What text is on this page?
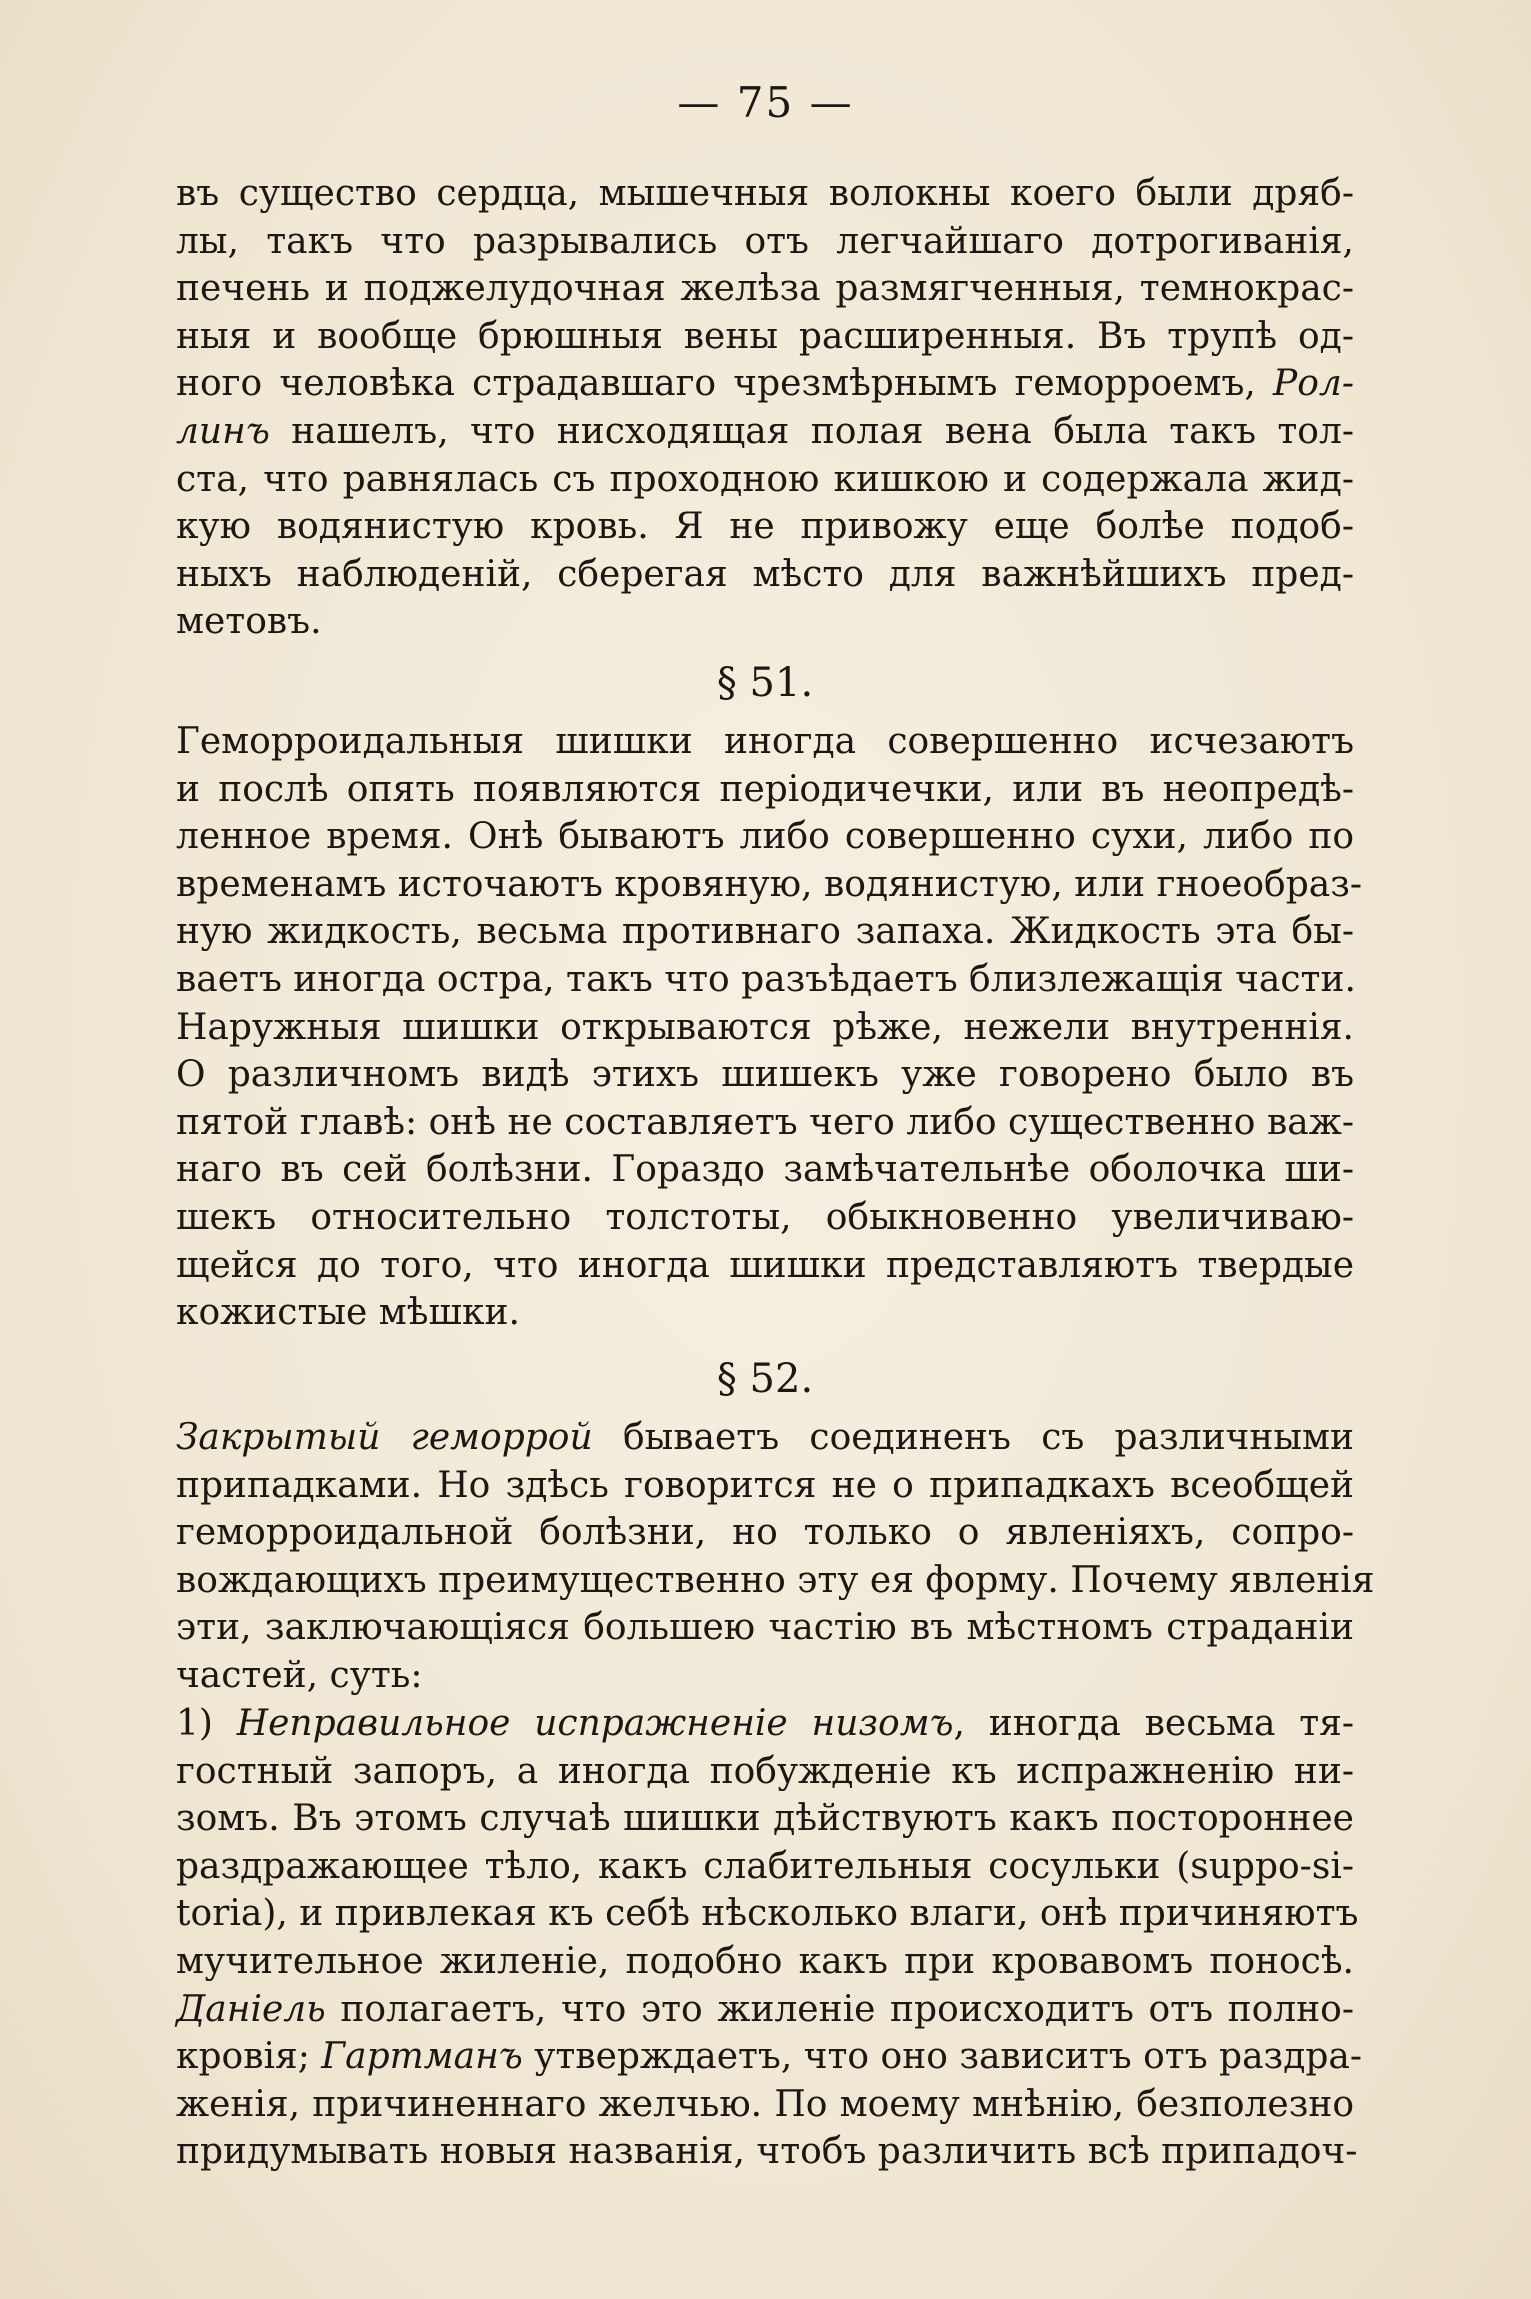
— 75 —
въ существо сердца, мышечныя волокны коего были дряб-
лы, такъ что разрывались отъ легчайшаго дотрогиванія,
печень и поджелудочная желѣза размягченныя, темнокрас-
ныя и вообще брюшныя вены расширенныя. Въ трупѣ од-
ного человѣка страдавшаго чрезмѣрнымъ геморроемъ, Рол-
линъ нашелъ, что нисходящая полая вена была такъ тол-
ста, что равнялась съ проходною кишкою и содержала жид-
кую водянистую кровь. Я не привожу еще болѣе подоб-
ныхъ наблюденій, сберегая мѣсто для важнѣйшихъ пред-
метовъ.
§ 51.
Геморроидальныя шишки иногда совершенно исчезаютъ
и послѣ опять появляются періодичечки, или въ неопредѣ-
ленное время. Онѣ бываютъ либо совершенно сухи, либо по
временамъ источаютъ кровяную, водянистую, или гноеобраз-
ную жидкость, весьма противнаго запаха. Жидкость эта бы-
ваетъ иногда остра, такъ что разъѣдаетъ близлежащія части.
Наружныя шишки открываются рѣже, нежели внутреннія.
О различномъ видѣ этихъ шишекъ уже говорено было въ
пятой главѣ: онѣ не составляетъ чего либо существенно важ-
наго въ сей болѣзни. Гораздо замѣчательнѣе оболочка ши-
шекъ относительно толстоты, обыкновенно увеличиваю-
щейся до того, что иногда шишки представляютъ твердые
кожистые мѣшки.
§ 52.
Закрытый геморрой бываетъ соединенъ съ различными
припадками. Но здѣсь говорится не о припадкахъ всеобщей
геморроидальной болѣзни, но только о явленіяхъ, сопро-
вождающихъ преимущественно эту ея форму. Почему явленія
эти, заключающіяся большею частію въ мѣстномъ страданіи
частей, суть:
1) Неправильное испражненіе низомъ, иногда весьма тя-
гостный запоръ, а иногда побужденіе къ испражненію ни-
зомъ. Въ этомъ случаѣ шишки дѣйствуютъ какъ постороннее
раздражающее тѣло, какъ слабительныя сосульки (suppo-si-
toria), и привлекая къ себѣ нѣсколько влаги, онѣ причиняютъ
мучительное жиленіе, подобно какъ при кровавомъ поносѣ.
Даніель полагаетъ, что это жиленіе происходитъ отъ полно-
кровія; Гартманъ утверждаетъ, что оно зависитъ отъ раздра-
женія, причиненнаго желчью. По моему мнѣнію, безполезно
придумывать новыя названія, чтобъ различить всѣ припадоч-
